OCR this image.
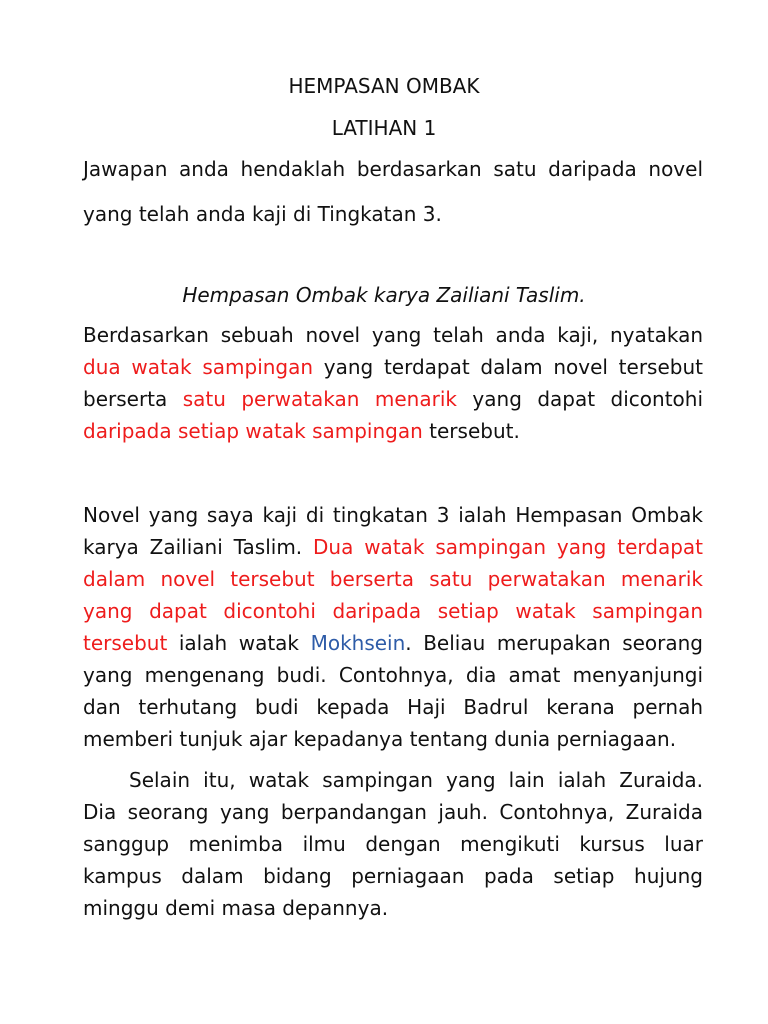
HEMPASAN OMBAK
LATIHAN 1
Jawapan anda hendaklah berdasarkan satu daripada novel
yang telah anda kaji di Tingkatan 3.
Hempasan Ombak karya Zailiani Taslim.
Berdasarkan sebuah novel yang telah anda kaji, nyatakan
dua watak sampingan yang terdapat dalam novel tersebut
berserta satu perwatakan menarik yang dapat dicontohi
daripada setiap watak sampingan tersebut.
Novel yang saya kaji di tingkatan 3 ialah Hempasan Ombak
karya Zailiani Taslim. Dua watak sampingan yang terdapat
dalam novel tersebut berserta satu perwatakan menarik
yang dapat dicontohi daripada setiap watak sampingan
tersebut ialah watak Mokhsein. Beliau merupakan seorang
yang mengenang budi. Contohnya, dia amat menyanjungi
dan terhutang budi kepada Haji Badrul kerana pernah
memberi tunjuk ajar kepadanya tentang dunia perniagaan.
Selain itu, watak sampingan yang lain ialah Zuraida.
Dia seorang yang berpandangan jauh. Contohnya, Zuraida
sanggup menimba ilmu dengan mengikuti kursus luar
kampus dalam bidang perniagaan pada setiap hujung
minggu demi masa depannya.
